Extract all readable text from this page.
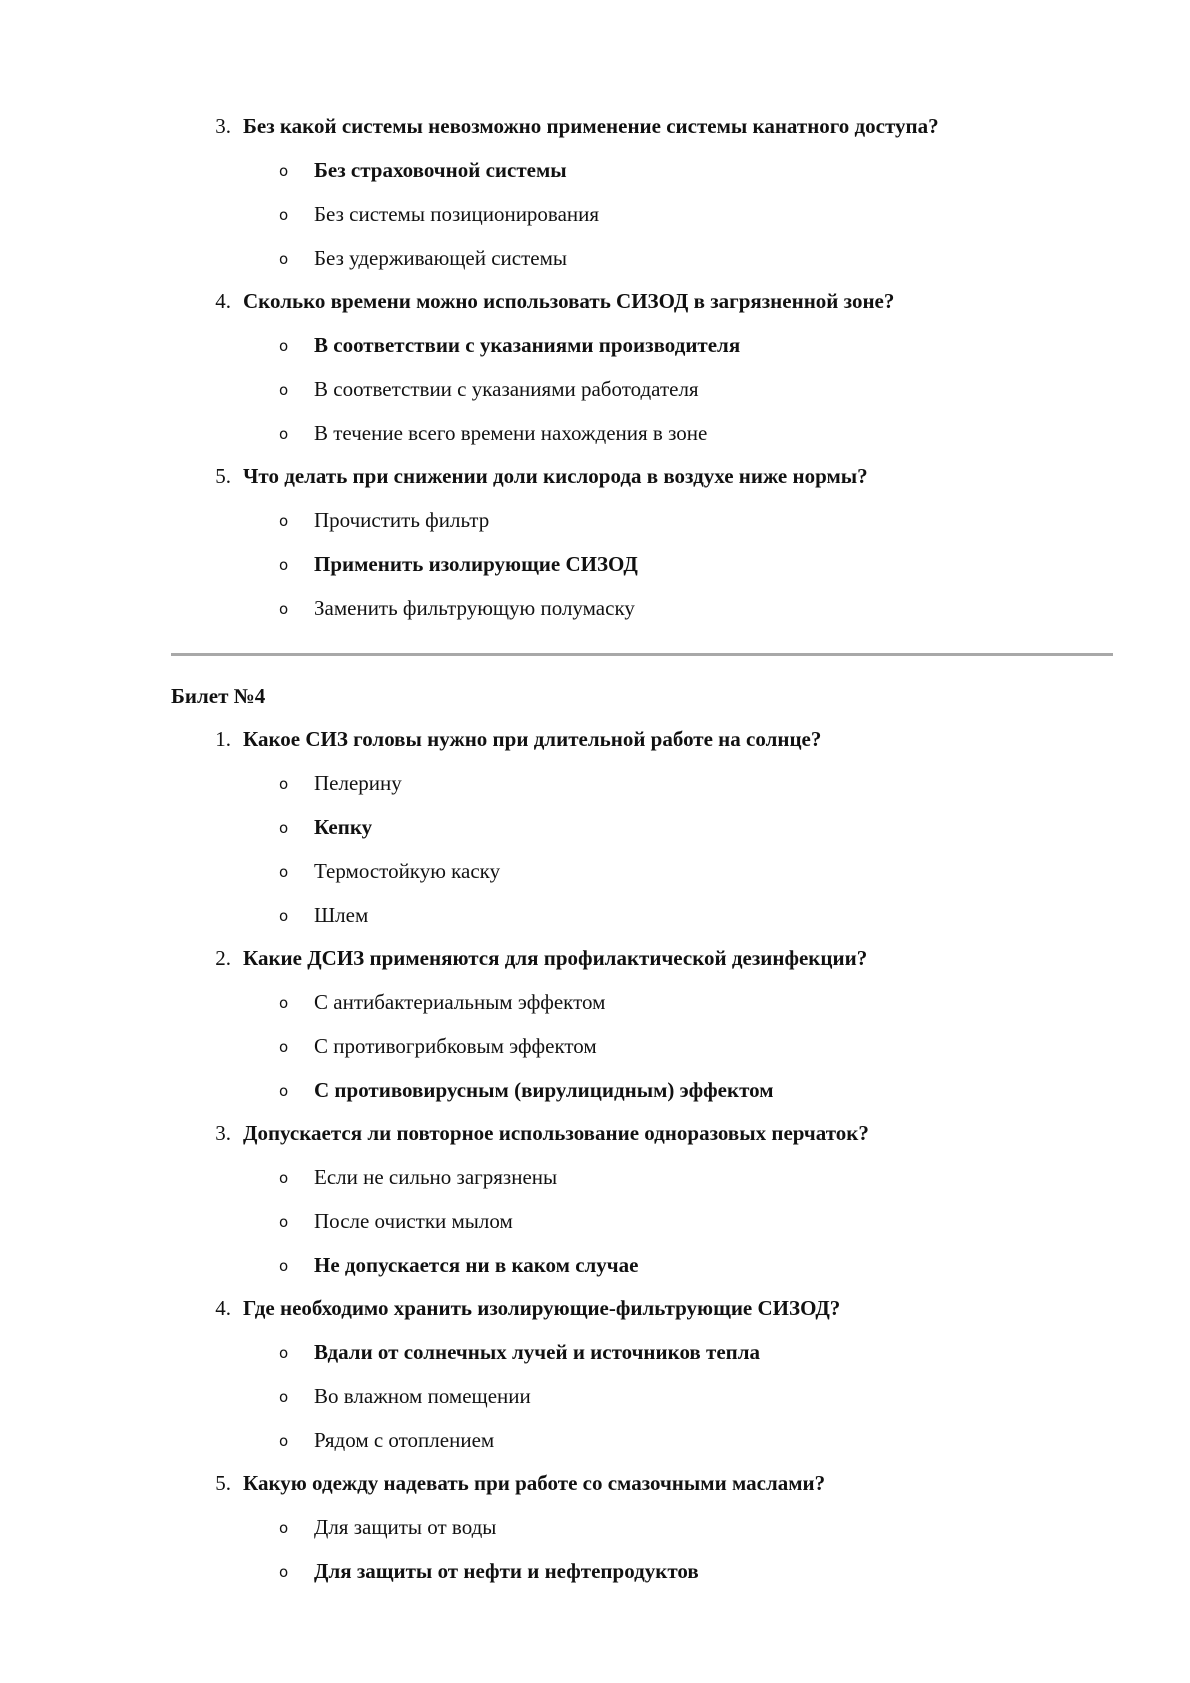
3. Без какой системы невозможно применение системы канатного доступа?
o Без страховочной системы
o Без системы позиционирования
o Без удерживающей системы
4. Сколько времени можно использовать СИЗОД в загрязненной зоне?
o В соответствии с указаниями производителя
o В соответствии с указаниями работодателя
o В течение всего времени нахождения в зоне
5. Что делать при снижении доли кислорода в воздухе ниже нормы?
o Прочистить фильтр
o Применить изолирующие СИЗОД
o Заменить фильтрующую полумаску
Билет №4
1. Какое СИЗ головы нужно при длительной работе на солнце?
o Пелерину
o Кепку
o Термостойкую каску
o Шлем
2. Какие ДСИЗ применяются для профилактической дезинфекции?
o С антибактериальным эффектом
o С противогрибковым эффектом
o С противовирусным (вирулицидным) эффектом
3. Допускается ли повторное использование одноразовых перчаток?
o Если не сильно загрязнены
o После очистки мылом
o Не допускается ни в каком случае
4. Где необходимо хранить изолирующие-фильтрующие СИЗОД?
o Вдали от солнечных лучей и источников тепла
o Во влажном помещении
o Рядом с отоплением
5. Какую одежду надевать при работе со смазочными маслами?
o Для защиты от воды
o Для защиты от нефти и нефтепродуктов
